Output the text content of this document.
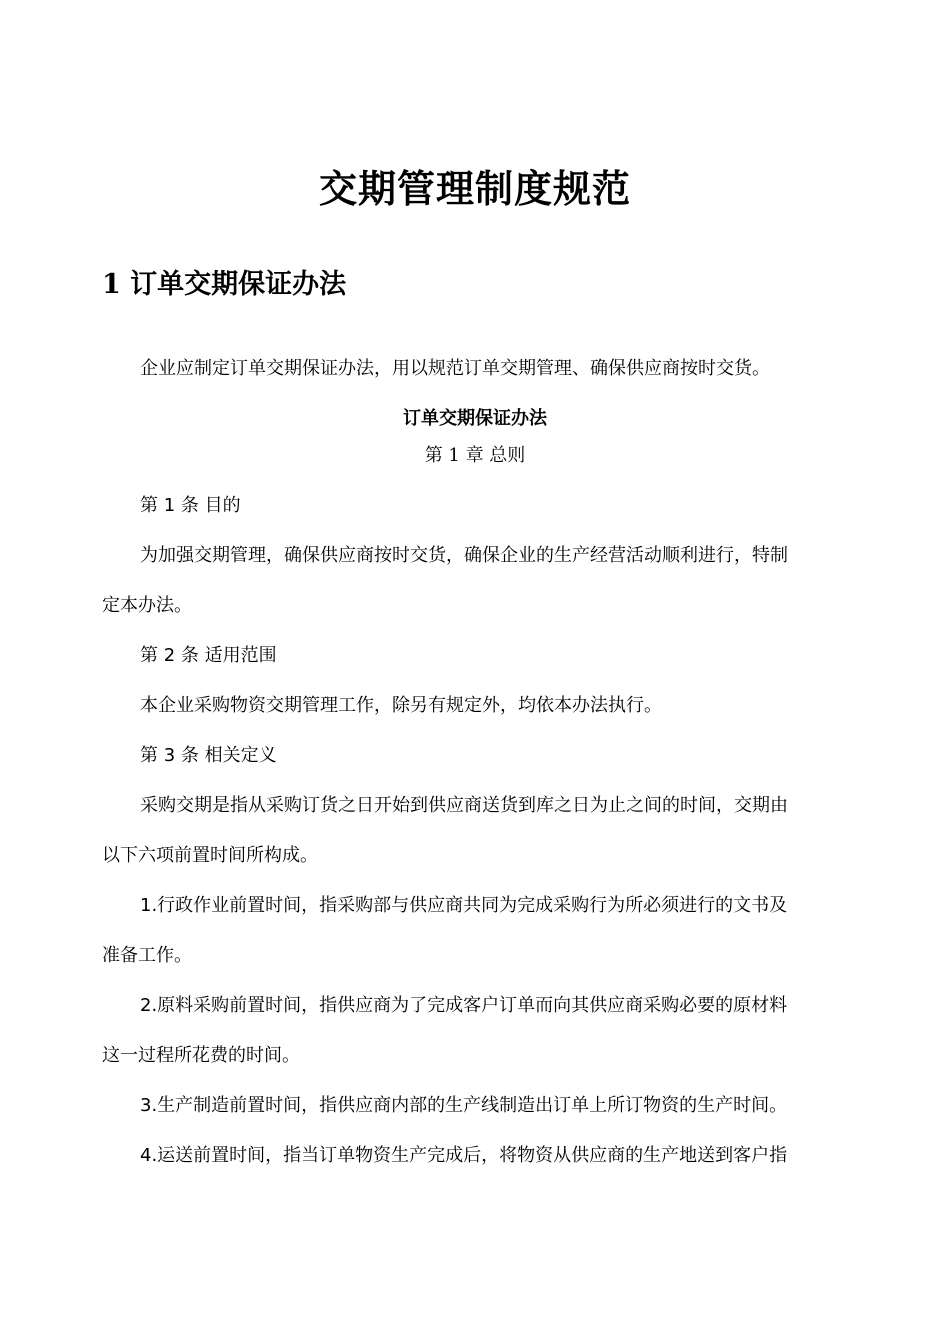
交期管理制度规范
1 订单交期保证办法
企业应制定订单交期保证办法，用以规范订单交期管理、确保供应商按时交货。
订单交期保证办法
第 1 章 总则
第 1 条 目的
为加强交期管理，确保供应商按时交货，确保企业的生产经营活动顺利进行，特制
定本办法。
第 2 条 适用范围
本企业采购物资交期管理工作，除另有规定外，均依本办法执行。
第 3 条 相关定义
采购交期是指从采购订货之日开始到供应商送货到库之日为止之间的时间，交期由
以下六项前置时间所构成。
1.行政作业前置时间，指采购部与供应商共同为完成采购行为所必须进行的文书及
准备工作。
2.原料采购前置时间，指供应商为了完成客户订单而向其供应商采购必要的原材料
这一过程所花费的时间。
3.生产制造前置时间，指供应商内部的生产线制造出订单上所订物资的生产时间。
4.运送前置时间，指当订单物资生产完成后，将物资从供应商的生产地送到客户指
